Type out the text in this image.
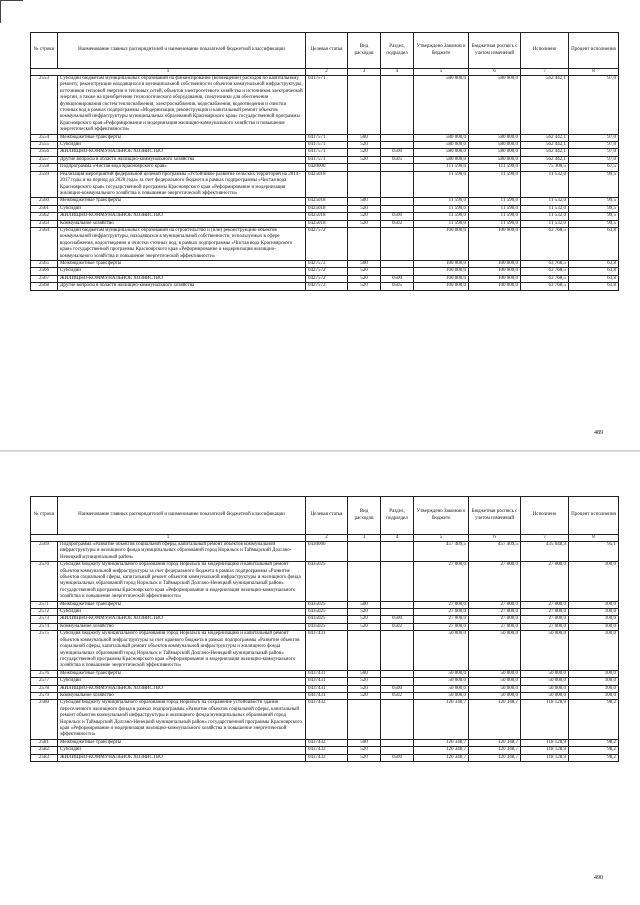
№ строки	Наименование главных распорядителей и наименование показателей бюджетной классификации	Целевая статья	Вид расходов	Раздел, подраздел	Утверждено Законом о бюджете	Бюджетная роспись с учетом изменений	Исполнено	Процент исполнения
1		2	3	4	5	6	7	8
2553	Субсидии бюджетам муниципальных образований на финансирование (возмещение) расходов по капитальному ремонту, реконструкции находящихся в муниципальной собственности объектов коммунальной инфраструктуры, источников тепловой энергии и тепловых сетей, объектов электросетевого хозяйства и источников электрической энергии, а также на приобретение технологического оборудования, спецтехники для обеспечения функционирования систем теплоснабжения, электроснабжения, водоснабжения, водоотведения и очистки сточных вод в рамках подпрограммы «Модернизация, реконструкция и капитальный ремонт объектов коммунальной инфраструктуры муниципальных образований Красноярского края» государственной программы Красноярского края «Реформирование и модернизация жилищно-коммунального хозяйства и повышение энергетической эффективности»	0417571			580 000,0	580 000,0	562 442,1	97,0
2554	Межбюджетные трансферты	0417571	500		580 000,0	580 000,0	562 442,1	97,0
2555	Субсидии	0417571	520		580 000,0	580 000,0	562 442,1	97,0
2556	ЖИЛИЩНО-КОММУНАЛЬНОЕ ХОЗЯЙСТВО	0417571	520	0500	580 000,0	580 000,0	562 442,1	97,0
2557	Другие вопросы в области жилищно-коммунального хозяйства	0417571	520	0505	580 000,0	580 000,0	562 442,1	97,0
2558	Подпрограмма «Чистая вода Красноярского края»	0420000			111 590,0	111 590,0	75 300,5	67,5
2559	Реализация мероприятий федеральной целевой программы «Устойчивое развитие сельских территорий на 2014–2017 годы и на период до 2020 года» за счет федерального бюджета в рамках подпрограммы «Чистая вода Красноярского края» государственной программы Красноярского края «Реформирование и модернизация жилищно-коммунального хозяйства и повышение энергетической эффективности»	0425018			11 590,0	11 590,0	11 532,0	99,5
2560	Межбюджетные трансферты	0425018	500		11 590,0	11 590,0	11 532,0	99,5
2561	Субсидии	0425018	520		11 590,0	11 590,0	11 532,0	99,5
2562	ЖИЛИЩНО-КОММУНАЛЬНОЕ ХОЗЯЙСТВО	0425018	520	0500	11 590,0	11 590,0	11 532,0	99,5
2563	Коммунальное хозяйство	0425018	520	0502	11 590,0	11 590,0	11 532,0	99,5
2564	Субсидии бюджетам муниципальных образований на строительство и (или) реконструкцию объектов коммунальной инфраструктуры, находящихся в муниципальной собственности, используемых в сфере водоснабжения, водоотведения и очистки сточных вод, в рамках подпрограммы «Чистая вода Красноярского края» государственной программы Красноярского края «Реформирование и модернизация жилищно-коммунального хозяйства и повышение энергетической эффективности»	0427572			100 000,0	100 000,0	63 768,5	63,8
2565	Межбюджетные трансферты	0427572	500		100 000,0	100 000,0	63 768,5	63,8
2566	Субсидии	0427572	520		100 000,0	100 000,0	63 768,5	63,8
2567	ЖИЛИЩНО-КОММУНАЛЬНОЕ ХОЗЯЙСТВО	0427572	520	0500	100 000,0	100 000,0	63 768,5	63,8
2568	Другие вопросы в области жилищно-коммунального хозяйства	0427572	520	0505	100 000,0	100 000,0	63 768,5	63,8
489
№ строки	Наименование главных распорядителей и наименование показателей бюджетной классификации	Целевая статья	Вид расходов	Раздел, подраздел	Утверждено Законом о бюджете	Бюджетная роспись с учетом изменений	Исполнено	Процент исполнения
1		2	3	4	5	6	7	8
2569	Подпрограмма «Развитие объектов социальной сферы, капитальный ремонт объектов коммунальной инфраструктуры и жилищного фонда муниципальных образований город Норильск и Таймырский Долгано-Ненецкий муниципальный район»	0430000			457 409,5	457 409,5	435 048,9	95,1
2570	Субсидия бюджету муниципального образования город Норильск на модернизацию и капитальный ремонт объектов коммунальной инфраструктуры за счет федерального бюджета в рамках подпрограммы «Развитие объектов социальной сферы, капитальный ремонт объектов коммунальной инфраструктуры и жилищного фонда муниципальных образований город Норильск и Таймырский Долгано-Ненецкий муниципальный район» государственной программы Красноярского края «Реформирование и модернизация жилищно-коммунального хозяйства и повышение энергетической эффективности»	0435025			27 000,0	27 000,0	27 000,0	100,0
2571	Межбюджетные трансферты	0435025	500		27 000,0	27 000,0	27 000,0	100,0
2572	Субсидии	0435025	520		27 000,0	27 000,0	27 000,0	100,0
2573	ЖИЛИЩНО-КОММУНАЛЬНОЕ ХОЗЯЙСТВО	0435025	520	0500	27 000,0	27 000,0	27 000,0	100,0
2574	Коммунальное хозяйство	0435025	520	0502	27 000,0	27 000,0	27 000,0	100,0
2575	Субсидия бюджету муниципального образования город Норильск на модернизацию и капитальный ремонт объектов коммунальной инфраструктуры за счет краевого бюджета в рамках подпрограммы «Развитие объектов социальной сферы, капитальный ремонт объектов коммунальной инфраструктуры и жилищного фонда муниципальных образований город Норильск и Таймырский Долгано-Ненецкий муниципальный район» государственной программы Красноярского края «Реформирование и модернизация жилищно-коммунального хозяйства и повышение энергетической эффективности»	0437431			50 000,0	50 000,0	50 000,0	100,0
2576	Межбюджетные трансферты	0437431	500		50 000,0	50 000,0	50 000,0	100,0
2577	Субсидии	0437431	520		50 000,0	50 000,0	50 000,0	100,0
2578	ЖИЛИЩНО-КОММУНАЛЬНОЕ ХОЗЯЙСТВО	0437431	520	0500	50 000,0	50 000,0	50 000,0	100,0
2579	Коммунальное хозяйство	0437431	520	0502	50 000,0	50 000,0	50 000,0	100,0
2580	Субсидия бюджету муниципального образования город Норильск на сохранение устойчивости здания переселенного жилищного фонда в рамках подпрограммы «Развитие объектов социальной сферы, капитальный ремонт объектов коммунальной инфраструктуры и жилищного фонда муниципальных образований город Норильск и Таймырский Долгано-Ненецкий муниципальный район» государственной программы Красноярского края «Реформирование и модернизация жилищно-коммунального хозяйства и повышение энергетической эффективности»	0437432			120 348,7	120 348,7	118 128,9	98,2
2581	Межбюджетные трансферты	0437432	500		120 348,7	120 348,7	118 128,9	98,2
2582	Субсидии	0437432	520		120 348,7	120 348,7	118 128,9	98,2
2583	ЖИЛИЩНО-КОММУНАЛЬНОЕ ХОЗЯЙСТВО	0437432	520	0500	120 348,7	120 348,7	118 128,9	98,2
490
